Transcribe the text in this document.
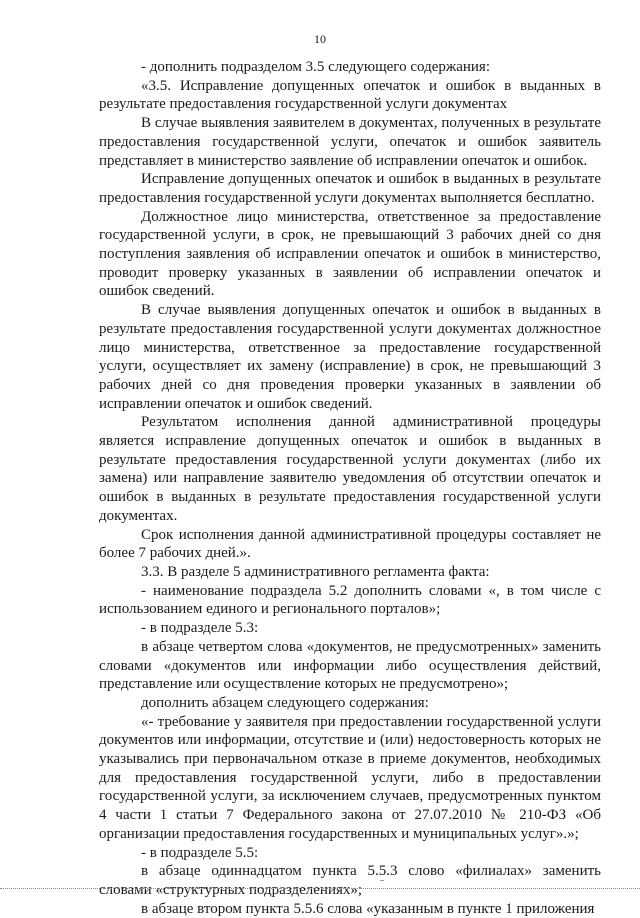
10

- дополнить подразделом 3.5 следующего содержания:

«3.5. Исправление допущенных опечаток и ошибок в выданных в результате предоставления государственной услуги документах

В случае выявления заявителем в документах, полученных в результате предоставления государственной услуги, опечаток и ошибок заявитель представляет в министерство заявление об исправлении опечаток и ошибок.

Исправление допущенных опечаток и ошибок в выданных в результате предоставления государственной услуги документах выполняется бесплатно.

Должностное лицо министерства, ответственное за предоставление государственной услуги, в срок, не превышающий 3 рабочих дней со дня поступления заявления об исправлении опечаток и ошибок в министерство, проводит проверку указанных в заявлении об исправлении опечаток и ошибок сведений.

В случае выявления допущенных опечаток и ошибок в выданных в результате предоставления государственной услуги документах должностное лицо министерства, ответственное за предоставление государственной услуги, осуществляет их замену (исправление) в срок, не превышающий 3 рабочих дней со дня проведения проверки указанных в заявлении об исправлении опечаток и ошибок сведений.

Результатом исполнения данной административной процедуры является исправление допущенных опечаток и ошибок в выданных в результате предоставления государственной услуги документах (либо их замена) или направление заявителю уведомления об отсутствии опечаток и ошибок в выданных в результате предоставления государственной услуги документах.

Срок исполнения данной административной процедуры составляет не более 7 рабочих дней.».

3.3. В разделе 5 административного регламента факта:

- наименование подраздела 5.2 дополнить словами «, в том числе с использованием единого и регионального порталов»;

- в подразделе 5.3:

в абзаце четвертом слова «документов, не предусмотренных» заменить словами «документов или информации либо осуществления действий, представление или осуществление которых не предусмотрено»;

дополнить абзацем следующего содержания:

«- требование у заявителя при предоставлении государственной услуги документов или информации, отсутствие и (или) недостоверность которых не указывались при первоначальном отказе в приеме документов, необходимых для предоставления государственной услуги, либо в предоставлении государственной услуги, за исключением случаев, предусмотренных пунктом 4 части 1 статьи 7 Федерального закона от 27.07.2010 № 210-ФЗ «Об организации предоставления государственных и муниципальных услуг».»;

- в подразделе 5.5:

в абзаце одиннадцатом пункта 5.5.3 слово «филиалах» заменить словами «структурных подразделениях»;

в абзаце втором пункта 5.5.6 слова «указанным в пункте 1 приложения
